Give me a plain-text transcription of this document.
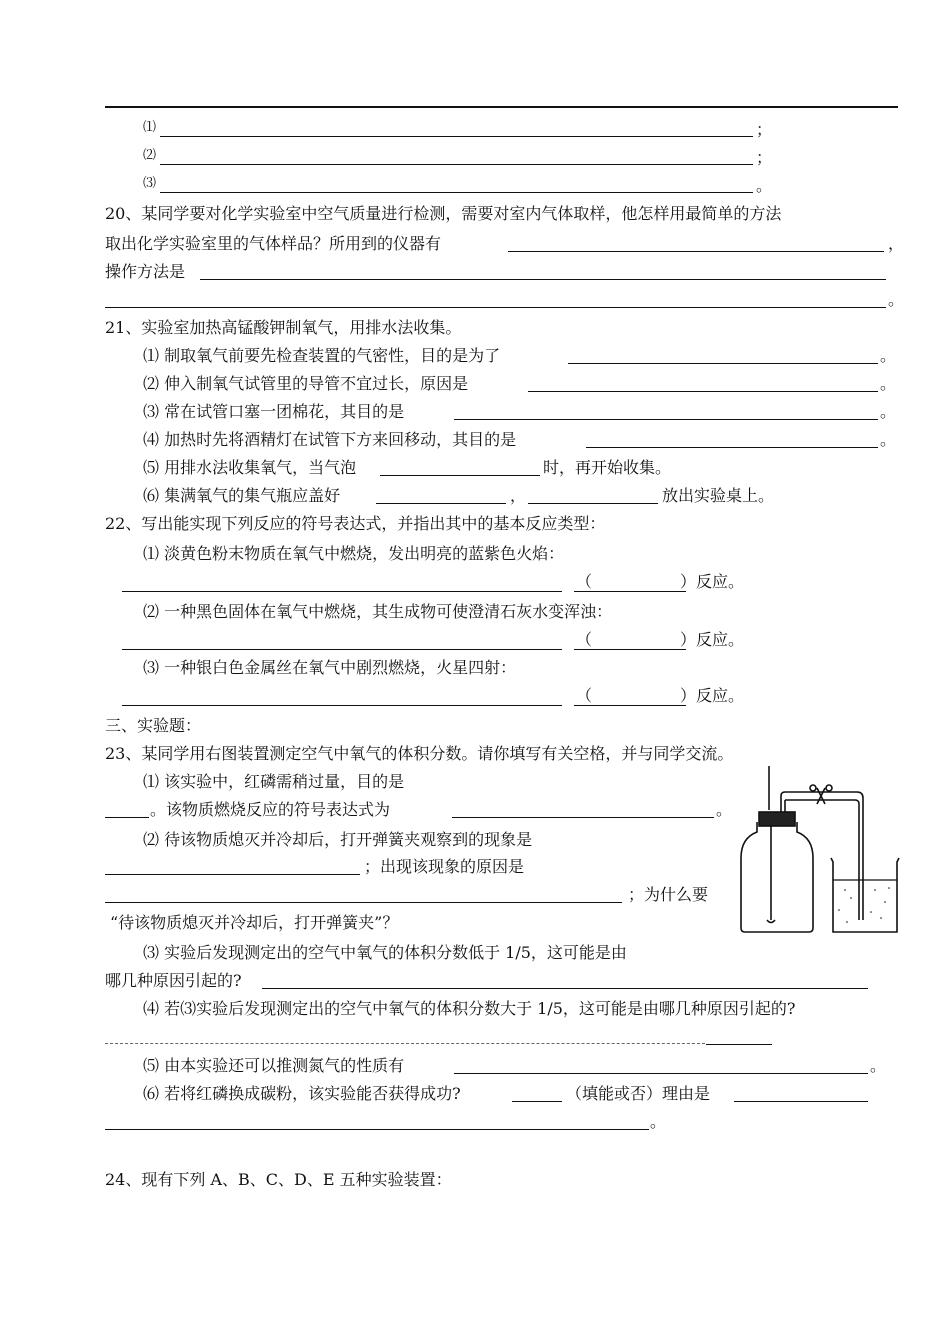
⑴	；
⑵	；
⑶	。
20、某同学要对化学实验室中空气质量进行检测，需要对室内气体取样，他怎样用最简单的方法
取出化学实验室里的气体样品？所用到的仪器有	，
操作方法是
。
21、实验室加热高锰酸钾制氧气，用排水法收集。
⑴ 制取氧气前要先检查装置的气密性，目的是为了	。
⑵ 伸入制氧气试管里的导管不宜过长，原因是	。
⑶ 常在试管口塞一团棉花，其目的是	。
⑷ 加热时先将酒精灯在试管下方来回移动，其目的是	。
⑸ 用排水法收集氧气，当气泡	时，再开始收集。
⑹ 集满氧气的集气瓶应盖好	，	放出实验桌上。
22、写出能实现下列反应的符号表达式，并指出其中的基本反应类型：
⑴ 淡黄色粉末物质在氧气中燃烧，发出明亮的蓝紫色火焰：
（	）反应。
⑵ 一种黑色固体在氧气中燃烧，其生成物可使澄清石灰水变浑浊：
（	）反应。
⑶ 一种银白色金属丝在氧气中剧烈燃烧，火星四射：
（	）反应。
三、实验题：
23、某同学用右图装置测定空气中氧气的体积分数。请你填写有关空格，并与同学交流。
⑴ 该实验中，红磷需稍过量，目的是
。该物质燃烧反应的符号表达式为	。
⑵ 待该物质熄灭并冷却后，打开弹簧夹观察到的现象是
；出现该现象的原因是
；为什么要
“待该物质熄灭并冷却后，打开弹簧夹”？
⑶ 实验后发现测定出的空气中氧气的体积分数低于 1/5，这可能是由
哪几种原因引起的?
⑷ 若⑶实验后发现测定出的空气中氧气的体积分数大于 1/5，这可能是由哪几种原因引起的?
⑸ 由本实验还可以推测氮气的性质有	。
⑹ 若将红磷换成碳粉，该实验能否获得成功?	（填能或否）理由是
。
24、现有下列 A、B、C、D、E 五种实验装置：
